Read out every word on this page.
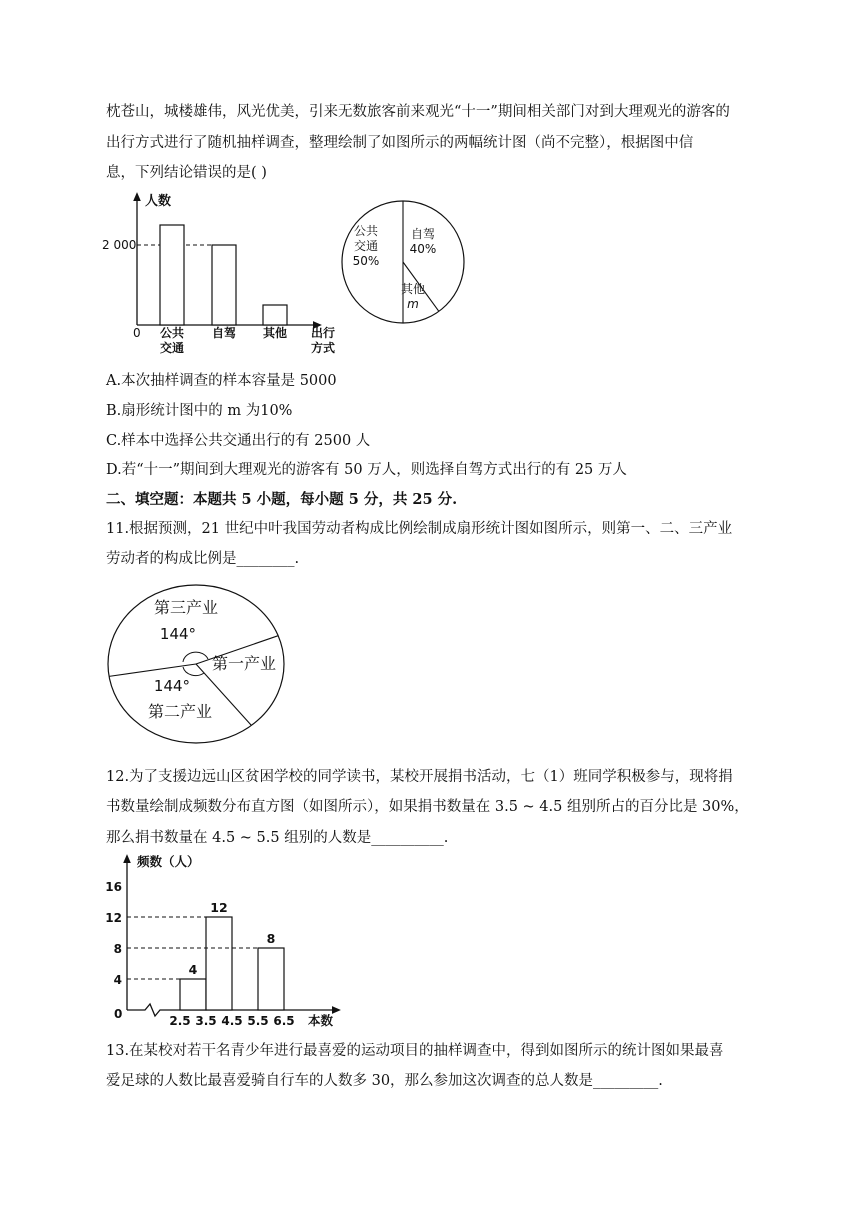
枕苍山，城楼雄伟，风光优美，引来无数旅客前来观光“十一”期间相关部门对到大理观光的游客的
出行方式进行了随机抽样调查，整理绘制了如图所示的两幅统计图（尚不完整），根据图中信
息，下列结论错误的是( )
人数
0
2 000
公共
交通
自驾 其他 出行
方式
公共
交通
50%
自驾
40%
其他
m
A.本次抽样调查的样本容量是 5000
B.扇形统计图中的 m 为10%
C.样本中选择公共交通出行的有 2500 人
D.若“十一”期间到大理观光的游客有 50 万人，则选择自驾方式出行的有 25 万人
二、填空题：本题共 5 小题，每小题 5 分，共 25 分.
11.根据预测，21 世纪中叶我国劳动者构成比例绘制成扇形统计图如图所示，则第一、二、三产业
劳动者的构成比例是________.
第三产业
144°
第一产业
第二产业
144°
12.为了支援边远山区贫困学校的同学读书，某校开展捐书活动，七（1）班同学积极参与，现将捐
书数量绘制成频数分布直方图（如图所示），如果捐书数量在 3.5 ~ 4.5 组别所占的百分比是 30%，
那么捐书数量在 4.5 ~ 5.5 组别的人数是__________.
频数（人）
0	本数
4
8
12
16
4
12
8
2.5 3.5 4.5 5.5 6.5
13.在某校对若干名青少年进行最喜爱的运动项目的抽样调查中，得到如图所示的统计图如果最喜
爱足球的人数比最喜爱骑自行车的人数多 30，那么参加这次调查的总人数是_________.
